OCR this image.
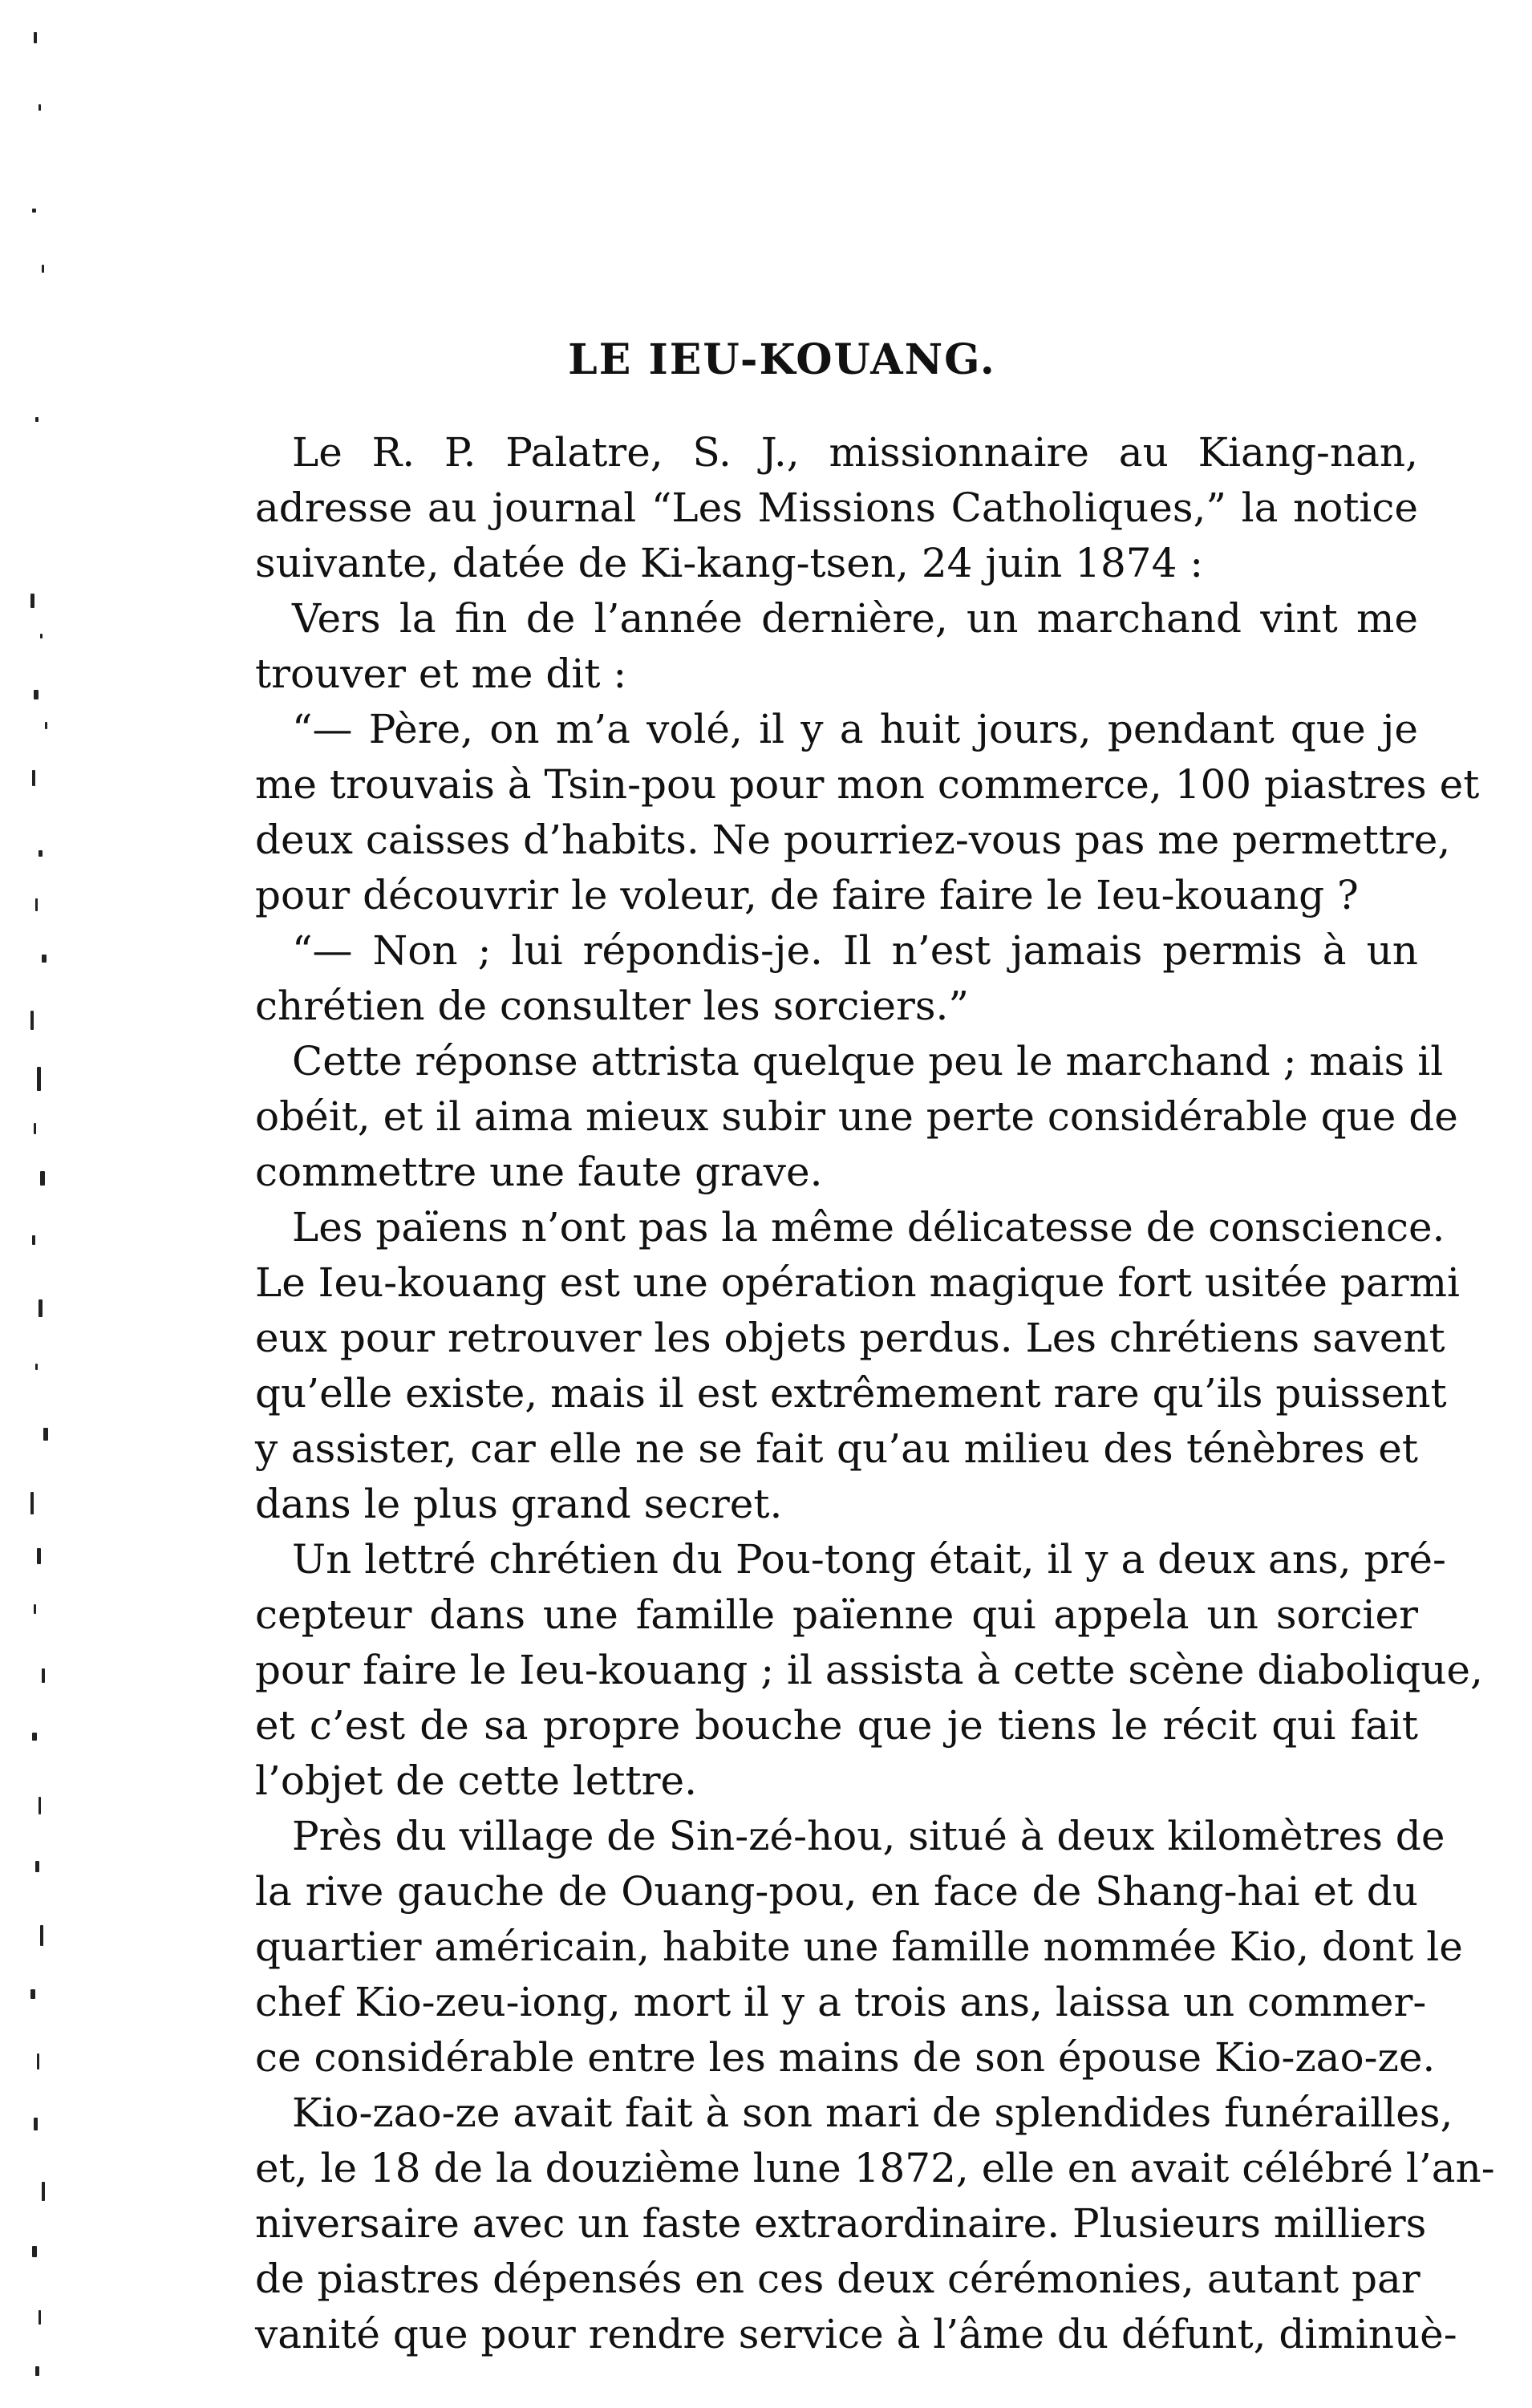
LE IEU-KOUANG.
Le R. P. Palatre, S. J., missionnaire au Kiang-nan,
adresse au journal “Les Missions Catholiques,” la notice
suivante, datée de Ki-kang-tsen, 24 juin 1874 :
Vers la fin de l’année dernière, un marchand vint me
trouver et me dit :
“— Père, on m’a volé, il y a huit jours, pendant que je
me trouvais à Tsin-pou pour mon commerce, 100 piastres et
deux caisses d’habits. Ne pourriez-vous pas me permettre,
pour découvrir le voleur, de faire faire le Ieu-kouang ?
“— Non ; lui répondis-je. Il n’est jamais permis à un
chrétien de consulter les sorciers.”
Cette réponse attrista quelque peu le marchand ; mais il
obéit, et il aima mieux subir une perte considérable que de
commettre une faute grave.
Les païens n’ont pas la même délicatesse de conscience.
Le Ieu-kouang est une opération magique fort usitée parmi
eux pour retrouver les objets perdus. Les chrétiens savent
qu’elle existe, mais il est extrêmement rare qu’ils puissent
y assister, car elle ne se fait qu’au milieu des ténèbres et
dans le plus grand secret.
Un lettré chrétien du Pou-tong était, il y a deux ans, pré-
cepteur dans une famille païenne qui appela un sorcier
pour faire le Ieu-kouang ; il assista à cette scène diabolique,
et c’est de sa propre bouche que je tiens le récit qui fait
l’objet de cette lettre.
Près du village de Sin-zé-hou, situé à deux kilomètres de
la rive gauche de Ouang-pou, en face de Shang-hai et du
quartier américain, habite une famille nommée Kio, dont le
chef Kio-zeu-iong, mort il y a trois ans, laissa un commer-
ce considérable entre les mains de son épouse Kio-zao-ze.
Kio-zao-ze avait fait à son mari de splendides funérailles,
et, le 18 de la douzième lune 1872, elle en avait célébré l’an-
niversaire avec un faste extraordinaire. Plusieurs milliers
de piastres dépensés en ces deux cérémonies, autant par
vanité que pour rendre service à l’âme du défunt, diminuè-
